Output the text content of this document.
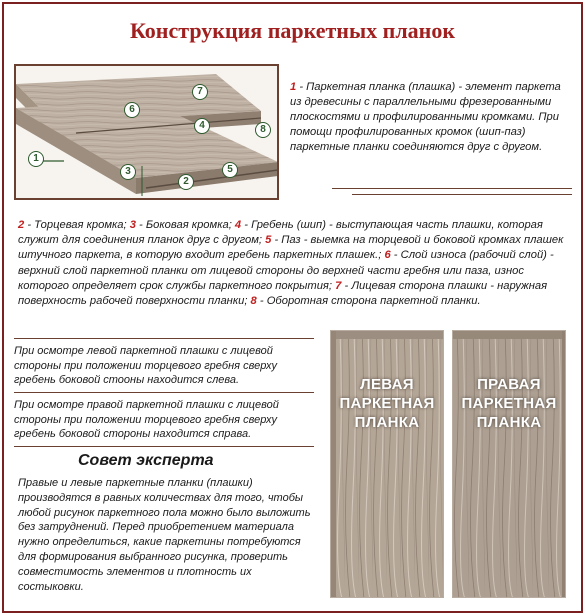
Конструкция паркетных планок
7
6
4	8
1
3
2
5
1 - Паркетная планка (плашка) - элемент паркета из древесины с параллельными фрезерованными плоскостями и профилированными кромками. При помощи профилированных кромок (шип-паз) паркетные планки соединяются друг с другом.
2 - Торцевая кромка; 3 - Боковая кромка; 4 - Гребень (шип) - выступающая часть плашки, которая служит для соединения планок друг с другом; 5 - Паз - выемка на торцевой и боковой кромках плашек штучного паркета, в которую входит гребень паркетных плашек.; 6 - Слой износа (рабочий слой) - верхний слой паркетной планки от лицевой стороны до верхней части гребня или паза, износ которого определяет срок службы паркетного покрытия; 7 - Лицевая сторона плашки - наружная поверхность рабочей поверхности планки; 8 - Оборотная сторона паркетной планки.
При осмотре левой паркетной плашки с лицевой стороны при положении торцевого гребня сверху гребень боковой стооны находится слева.
При осмотре правой паркетной плашки с лицевой стороны при положении торцевого гребня сверху гребень боковой стороны находится справа.
Совет эксперта
Правые и левые паркетные планки (плашки) производятся в равных количествах для того, чтобы любой рисунок паркетного пола можно было выложить без затруднений. Перед приобретением материала нужно определиться, какие паркетины потребуются для формирования выбранного рисунка, проверить совместимость элементов и плотность их состыковки.
ЛЕВАЯ ПАРКЕТНАЯ ПЛАНКА
ПРАВАЯ ПАРКЕТНАЯ ПЛАНКА
